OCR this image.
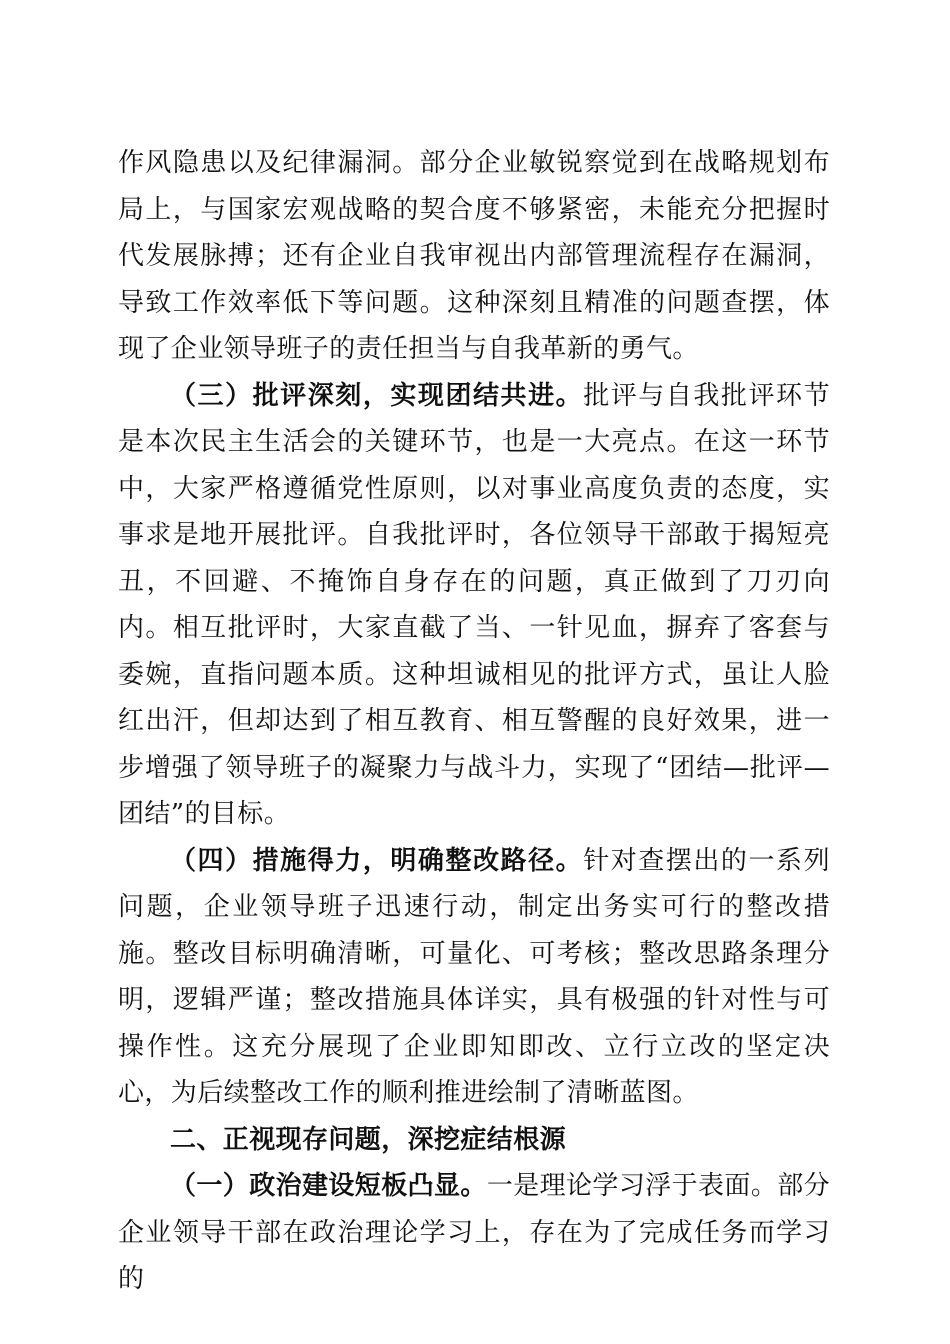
作风隐患以及纪律漏洞。部分企业敏锐察觉到在战略规划布局上，与国家宏观战略的契合度不够紧密，未能充分把握时代发展脉搏；还有企业自我审视出内部管理流程存在漏洞，导致工作效率低下等问题。这种深刻且精准的问题查摆，体现了企业领导班子的责任担当与自我革新的勇气。

（三）批评深刻，实现团结共进。批评与自我批评环节是本次民主生活会的关键环节，也是一大亮点。在这一环节中，大家严格遵循党性原则，以对事业高度负责的态度，实事求是地开展批评。自我批评时，各位领导干部敢于揭短亮丑，不回避、不掩饰自身存在的问题，真正做到了刀刃向内。相互批评时，大家直截了当、一针见血，摒弃了客套与委婉，直指问题本质。这种坦诚相见的批评方式，虽让人脸红出汗，但却达到了相互教育、相互警醒的良好效果，进一步增强了领导班子的凝聚力与战斗力，实现了“团结—批评—团结”的目标。

（四）措施得力，明确整改路径。针对查摆出的一系列问题，企业领导班子迅速行动，制定出务实可行的整改措施。整改目标明确清晰，可量化、可考核；整改思路条理分明，逻辑严谨；整改措施具体详实，具有极强的针对性与可操作性。这充分展现了企业即知即改、立行立改的坚定决心，为后续整改工作的顺利推进绘制了清晰蓝图。

二、正视现存问题，深挖症结根源

（一）政治建设短板凸显。一是理论学习浮于表面。部分企业领导干部在政治理论学习上，存在为了完成任务而学习的
